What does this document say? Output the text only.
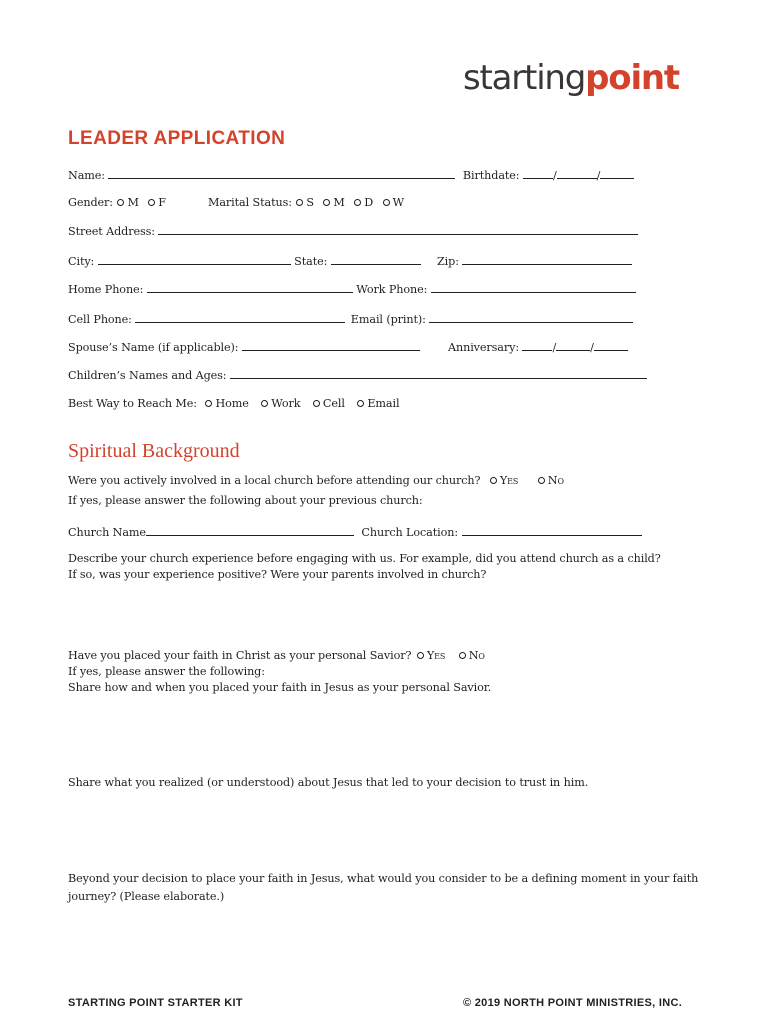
startingpoint
LEADER APPLICATION
Name:	Birthdate:	/	/
Gender: M F	Marital Status: S M D W
Street Address:
City:	State:	Zip:
Home Phone:	Work Phone:
Cell Phone:	Email (print):
Spouse’s Name (if applicable):	Anniversary:	/	/
Children’s Names and Ages:
Best Way to Reach Me: Home Work Cell Email
Spiritual Background
Were you actively involved in a local church before attending our church? Yes	No
If yes, please answer the following about your previous church:
Church Name	Church Location:
Describe your church experience before engaging with us. For example, did you attend church as a child?
If so, was your experience positive? Were your parents involved in church?
Have you placed your faith in Christ as your personal Savior? Yes No
If yes, please answer the following:
Share how and when you placed your faith in Jesus as your personal Savior.
Share what you realized (or understood) about Jesus that led to your decision to trust in him.
Beyond your decision to place your faith in Jesus, what would you consider to be a defining moment in your faith
journey? (Please elaborate.)
STARTING POINT STARTER KIT	© 2019 NORTH POINT MINISTRIES, INC.
